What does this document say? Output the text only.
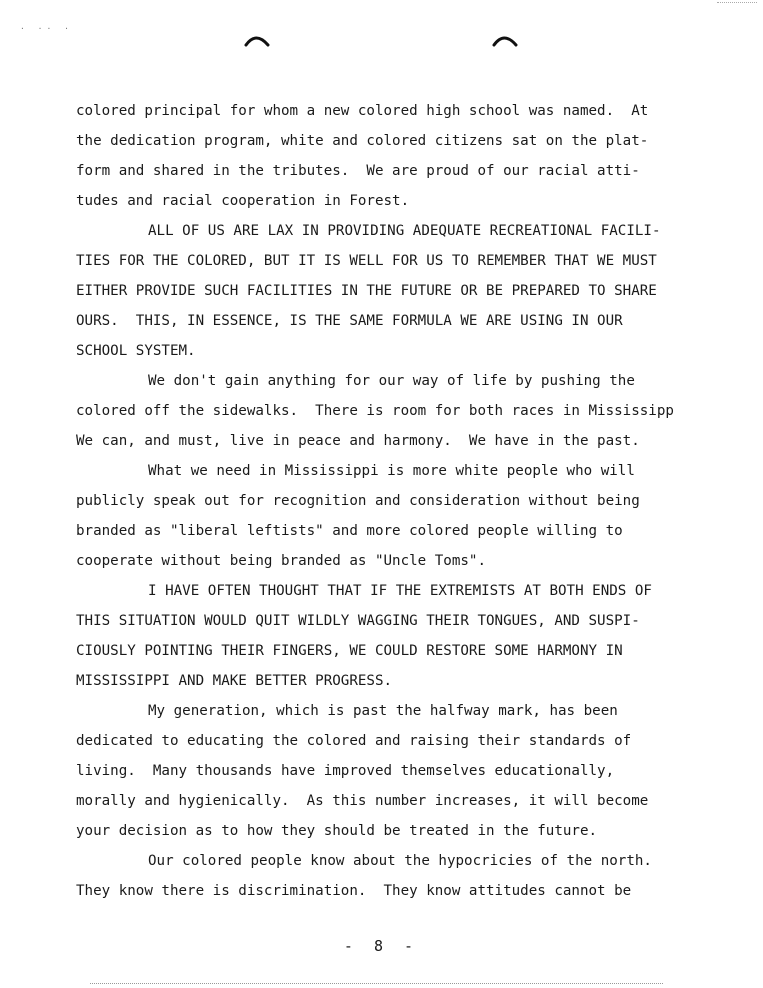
· ·· ·
colored principal for whom a new colored high school was named.  At
the dedication program, white and colored citizens sat on the plat-
form and shared in the tributes.  We are proud of our racial atti-
tudes and racial cooperation in Forest.
ALL OF US ARE LAX IN PROVIDING ADEQUATE RECREATIONAL FACILI-
TIES FOR THE COLORED, BUT IT IS WELL FOR US TO REMEMBER THAT WE MUST
EITHER PROVIDE SUCH FACILITIES IN THE FUTURE OR BE PREPARED TO SHARE
OURS.  THIS, IN ESSENCE, IS THE SAME FORMULA WE ARE USING IN OUR
SCHOOL SYSTEM.
We don't gain anything for our way of life by pushing the
colored off the sidewalks.  There is room for both races in Mississipp
We can, and must, live in peace and harmony.  We have in the past.
What we need in Mississippi is more white people who will
publicly speak out for recognition and consideration without being
branded as "liberal leftists" and more colored people willing to
cooperate without being branded as "Uncle Toms".
I HAVE OFTEN THOUGHT THAT IF THE EXTREMISTS AT BOTH ENDS OF
THIS SITUATION WOULD QUIT WILDLY WAGGING THEIR TONGUES, AND SUSPI-
CIOUSLY POINTING THEIR FINGERS, WE COULD RESTORE SOME HARMONY IN
MISSISSIPPI AND MAKE BETTER PROGRESS.
My generation, which is past the halfway mark, has been
dedicated to educating the colored and raising their standards of
living.  Many thousands have improved themselves educationally,
morally and hygienically.  As this number increases, it will become
your decision as to how they should be treated in the future.
Our colored people know about the hypocricies of the north.
They know there is discrimination.  They know attitudes cannot be
- 8 -
